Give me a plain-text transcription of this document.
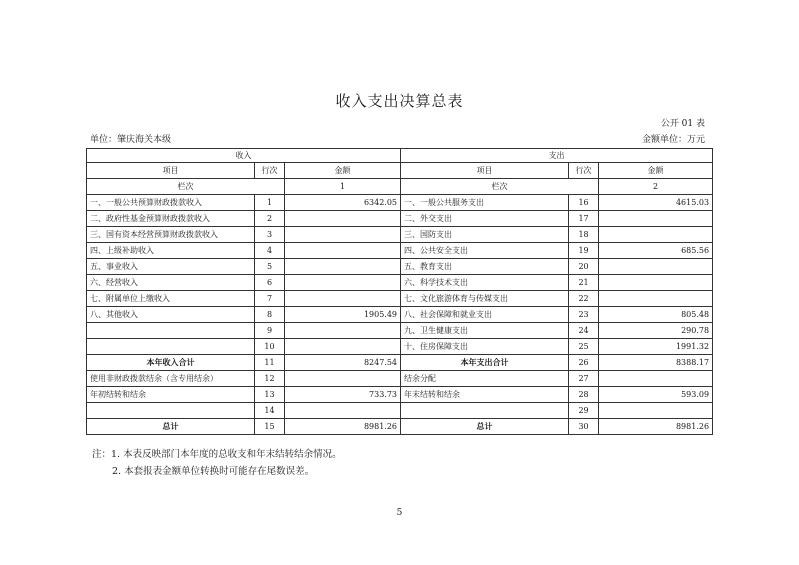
收入支出决算总表
公开 01 表
单位：肇庆海关本级	金额单位：万元
收入			支出		
项目	行次	金额	项目	行次	金额
栏次		1	栏次		2
一、一般公共预算财政拨款收入	1	6342.05	一、一般公共服务支出	16	4615.03
二、政府性基金预算财政拨款收入	2		二、外交支出	17	
三、国有资本经营预算财政拨款收入	3		三、国防支出	18	
四、上级补助收入	4		四、公共安全支出	19	685.56
五、事业收入	5		五、教育支出	20	
六、经营收入	6		六、科学技术支出	21	
七、附属单位上缴收入	7		七、文化旅游体育与传媒支出	22	
八、其他收入	8	1905.49	八、社会保障和就业支出	23	805.48
	9		九、卫生健康支出	24	290.78
	10		十、住房保障支出	25	1991.32
本年收入合计	11	8247.54	本年支出合计	26	8388.17
使用非财政拨款结余（含专用结余）	12		结余分配	27	
年初结转和结余	13	733.73	年末结转和结余	28	593.09
	14			29	
总计	15	8981.26	总计	30	8981.26
注：1. 本表反映部门本年度的总收支和年末结转结余情况。
2. 本套报表金额单位转换时可能存在尾数误差。
5
